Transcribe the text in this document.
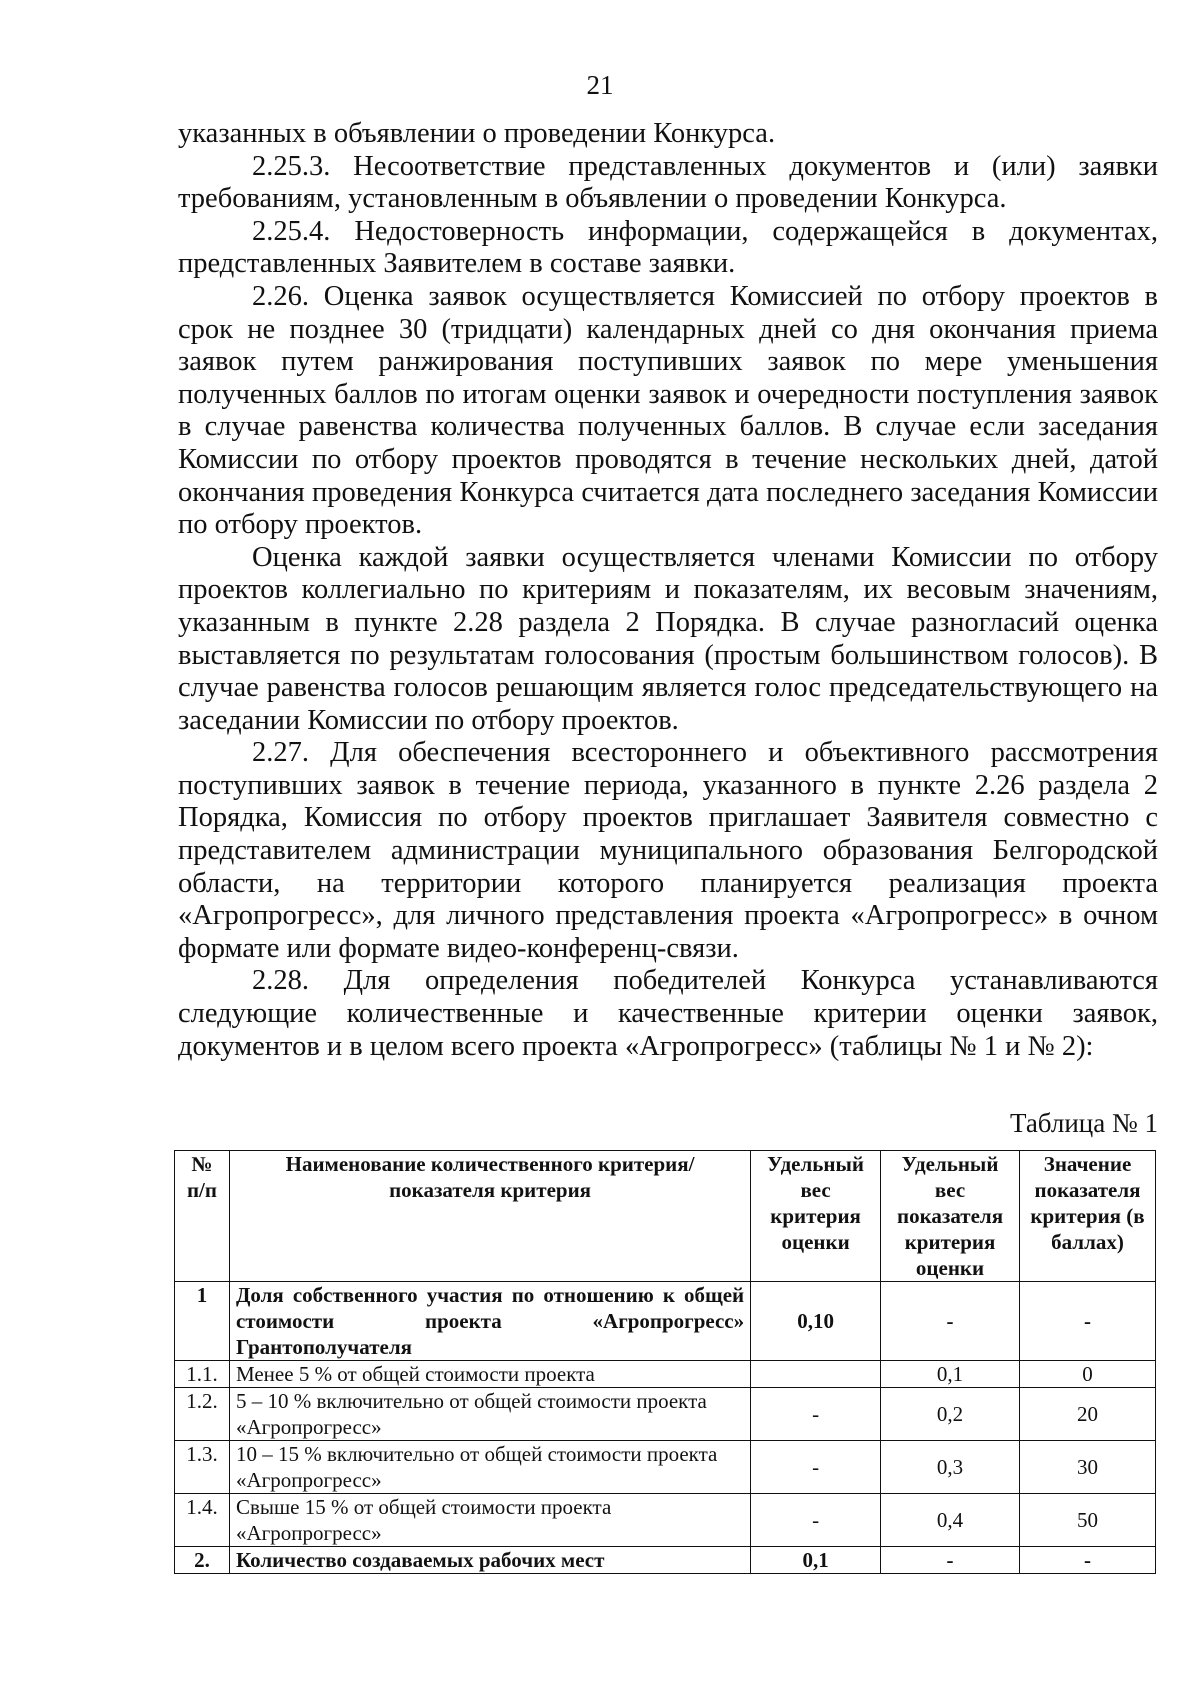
21

указанных в объявлении о проведении Конкурса.

2.25.3. Несоответствие представленных документов и (или) заявки требованиям, установленным в объявлении о проведении Конкурса.

2.25.4. Недостоверность информации, содержащейся в документах, представленных Заявителем в составе заявки.

2.26. Оценка заявок осуществляется Комиссией по отбору проектов в срок не позднее 30 (тридцати) календарных дней со дня окончания приема заявок путем ранжирования поступивших заявок по мере уменьшения полученных баллов по итогам оценки заявок и очередности поступления заявок в случае равенства количества полученных баллов. В случае если заседания Комиссии по отбору проектов проводятся в течение нескольких дней, датой окончания проведения Конкурса считается дата последнего заседания Комиссии по отбору проектов.

Оценка каждой заявки осуществляется членами Комиссии по отбору проектов коллегиально по критериям и показателям, их весовым значениям, указанным в пункте 2.28 раздела 2 Порядка. В случае разногласий оценка выставляется по результатам голосования (простым большинством голосов). В случае равенства голосов решающим является голос председательствующего на заседании Комиссии по отбору проектов.

2.27. Для обеспечения всестороннего и объективного рассмотрения поступивших заявок в течение периода, указанного в пункте 2.26 раздела 2 Порядка, Комиссия по отбору проектов приглашает Заявителя совместно с представителем администрации муниципального образования Белгородской области, на территории которого планируется реализация проекта «Агропрогресс», для личного представления проекта «Агропрогресс» в очном формате или формате видео-конференц-связи.

2.28. Для определения победителей Конкурса устанавливаются следующие количественные и качественные критерии оценки заявок, документов и в целом всего проекта «Агропрогресс» (таблицы № 1 и № 2):

Таблица № 1
№ п/п	Наименование количественного критерия/показателя критерия	Удельный вес критерия оценки	Удельный вес показателя критерия оценки	Значение показателя критерия (в баллах)
1	Доля собственного участия по отношению к общей стоимости проекта «Агропрогресс» Грантополучателя	0,10	-	-
1.1.	Менее 5 % от общей стоимости проекта		0,1	0
1.2.	5 – 10 % включительно от общей стоимости проекта «Агропрогресс»	-	0,2	20
1.3.	10 – 15 % включительно от общей стоимости проекта «Агропрогресс»	-	0,3	30
1.4.	Свыше 15 % от общей стоимости проекта «Агропрогресс»	-	0,4	50
2.	Количество создаваемых рабочих мест	0,1	-	-
